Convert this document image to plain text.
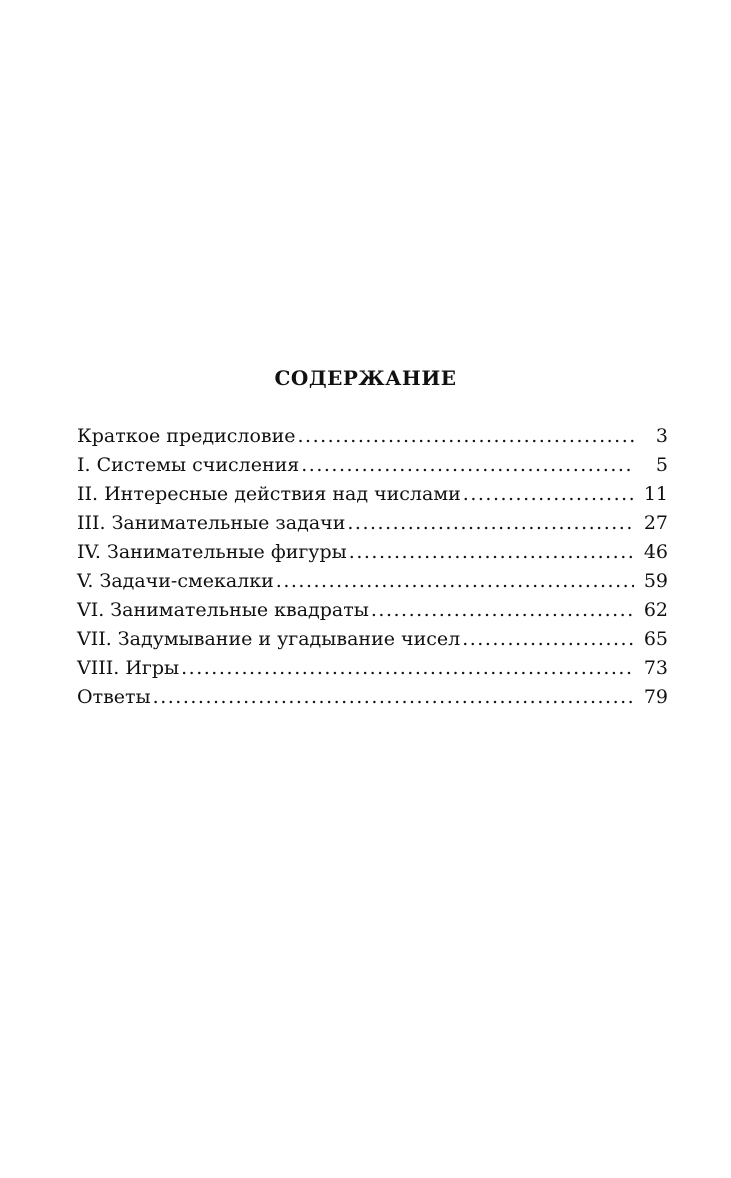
СОДЕРЖАНИЕ
Краткое предисловие .....	3
I. Системы счисления .....	5
II. Интересные действия над числами .....	11
III. Занимательные задачи .....	27
IV. Занимательные фигуры .....	46
V. Задачи-смекалки .....	59
VI. Занимательные квадраты .....	62
VII. Задумывание и угадывание чисел .....	65
VIII. Игры .....	73
Ответы .....	79
